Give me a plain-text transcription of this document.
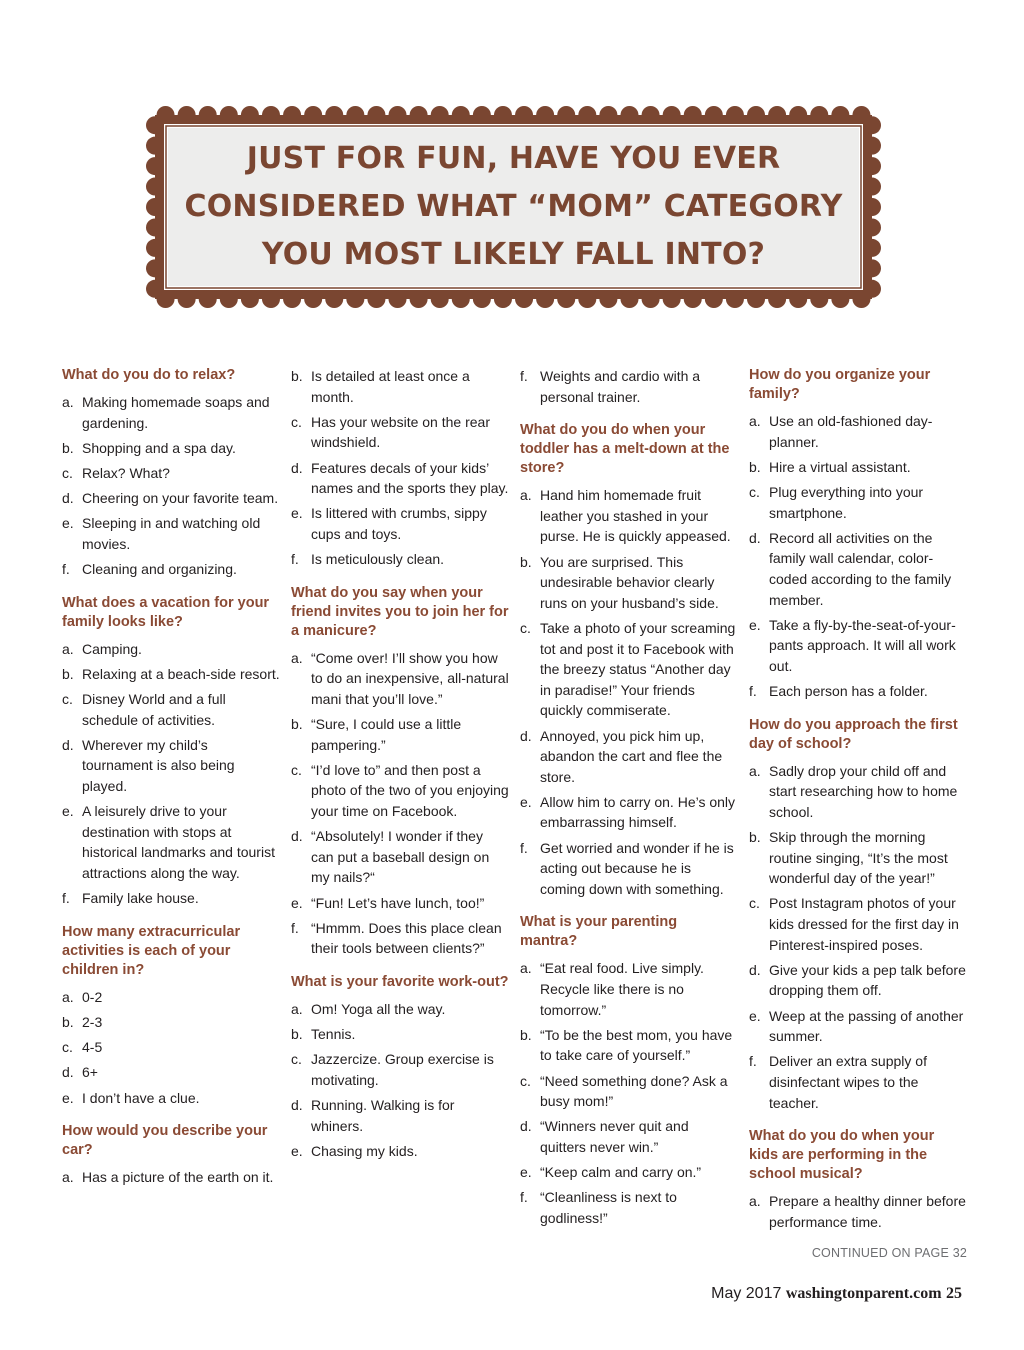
JUST FOR FUN, HAVE YOU EVER
CONSIDERED WHAT “MOM” CATEGORY
YOU MOST LIKELY FALL INTO?

What do you do to relax?

a. Making homemade soaps and gardening.
b. Shopping and a spa day.
c. Relax? What?
d. Cheering on your favorite team.
e. Sleeping in and watching old movies.
f. Cleaning and organizing.

What does a vacation for your family looks like?

a. Camping.
b. Relaxing at a beach-side resort.
c. Disney World and a full schedule of activities.
d. Wherever my child’s tournament is also being played.
e. A leisurely drive to your destination with stops at historical landmarks and tourist attractions along the way.
f. Family lake house.

How many extracurricular activities is each of your children in?

a. 0-2
b. 2-3
c. 4-5
d. 6+
e. I don’t have a clue.

How would you describe your car?

a. Has a picture of the earth on it.
b. Is detailed at least once a month.
c. Has your website on the rear windshield.
d. Features decals of your kids’ names and the sports they play.
e. Is littered with crumbs, sippy cups and toys.
f. Is meticulously clean.

What do you say when your friend invites you to join her for a manicure?

a. “Come over! I’ll show you how to do an inexpensive, all-natural mani that you’ll love.”
b. “Sure, I could use a little pampering.”
c. “I’d love to” and then post a photo of the two of you enjoying your time on Facebook.
d. “Absolutely! I wonder if they can put a baseball design on my nails?“
e. “Fun! Let’s have lunch, too!”
f. “Hmmm. Does this place clean their tools between clients?”

What is your favorite work-out?

a. Om! Yoga all the way.
b. Tennis.
c. Jazzercize. Group exercise is motivating.
d. Running. Walking is for whiners.
e. Chasing my kids.
f. Weights and cardio with a personal trainer.

What do you do when your toddler has a melt-down at the store?

a. Hand him homemade fruit leather you stashed in your purse. He is quickly appeased.
b. You are surprised. This undesirable behavior clearly runs on your husband’s side.
c. Take a photo of your screaming tot and post it to Facebook with the breezy status “Another day in paradise!” Your friends quickly commiserate.
d. Annoyed, you pick him up, abandon the cart and flee the store.
e. Allow him to carry on. He’s only embarrassing himself.
f. Get worried and wonder if he is acting out because he is coming down with something.

What is your parenting mantra?

a. “Eat real food. Live simply. Recycle like there is no tomorrow.”
b. “To be the best mom, you have to take care of yourself.”
c. “Need something done? Ask a busy mom!”
d. “Winners never quit and quitters never win.”
e. “Keep calm and carry on.”
f. “Cleanliness is next to godliness!”

How do you organize your family?

a. Use an old-fashioned day-planner.
b. Hire a virtual assistant.
c. Plug everything into your smartphone.
d. Record all activities on the family wall calendar, color-coded according to the family member.
e. Take a fly-by-the-seat-of-your-pants approach. It will all work out.
f. Each person has a folder.

How do you approach the first day of school?

a. Sadly drop your child off and start researching how to home school.
b. Skip through the morning routine singing, “It’s the most wonderful day of the year!”
c. Post Instagram photos of your kids dressed for the first day in Pinterest-inspired poses.
d. Give your kids a pep talk before dropping them off.
e. Weep at the passing of another summer.
f. Deliver an extra supply of disinfectant wipes to the teacher.

What do you do when your kids are performing in the school musical?

a. Prepare a healthy dinner before performance time.
CONTINUED ON PAGE 32
May 2017 washingtonparent.com 25
